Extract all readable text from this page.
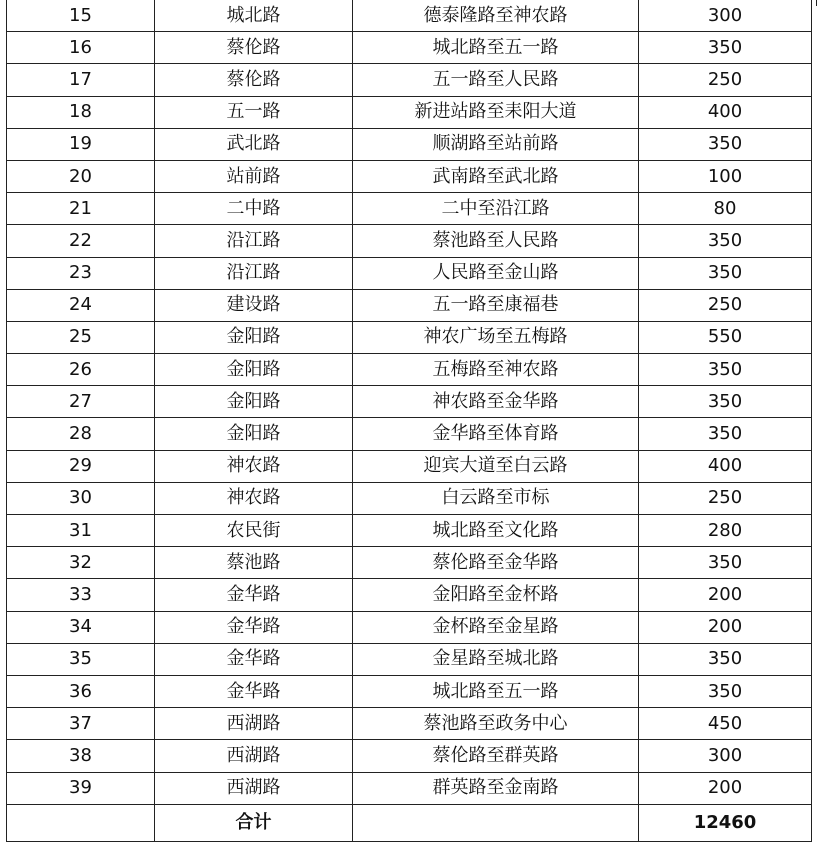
15	城北路	德泰隆路至神农路	300
16	蔡伦路	城北路至五一路	350
17	蔡伦路	五一路至人民路	250
18	五一路	新进站路至耒阳大道	400
19	武北路	顺湖路至站前路	350
20	站前路	武南路至武北路	100
21	二中路	二中至沿江路	80
22	沿江路	蔡池路至人民路	350
23	沿江路	人民路至金山路	350
24	建设路	五一路至康福巷	250
25	金阳路	神农广场至五梅路	550
26	金阳路	五梅路至神农路	350
27	金阳路	神农路至金华路	350
28	金阳路	金华路至体育路	350
29	神农路	迎宾大道至白云路	400
30	神农路	白云路至市标	250
31	农民街	城北路至文化路	280
32	蔡池路	蔡伦路至金华路	350
33	金华路	金阳路至金杯路	200
34	金华路	金杯路至金星路	200
35	金华路	金星路至城北路	350
36	金华路	城北路至五一路	350
37	西湖路	蔡池路至政务中心	450
38	西湖路	蔡伦路至群英路	300
39	西湖路	群英路至金南路	200
	合计		12460
